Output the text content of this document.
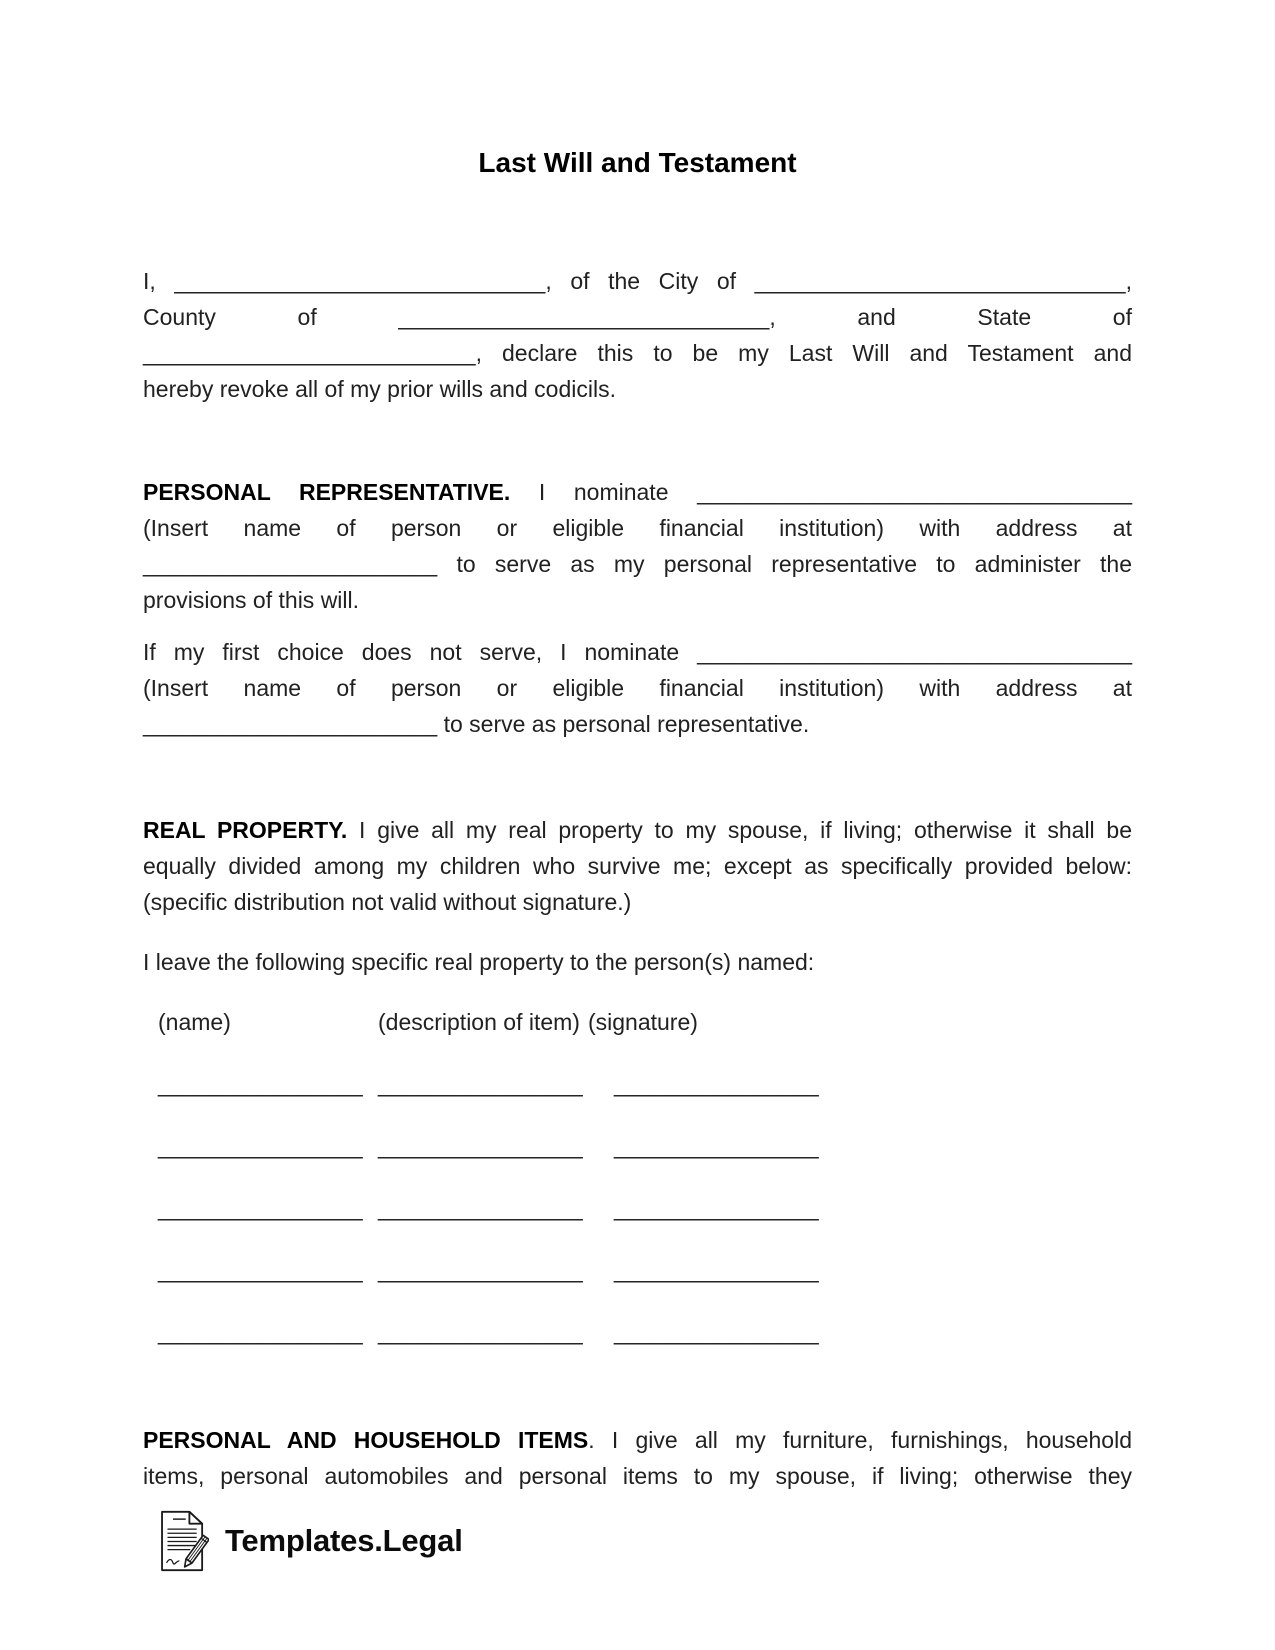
Last Will and Testament
I, _____________________________, of the City of _____________________________,
County of _____________________________, and State of
__________________________, declare this to be my Last Will and Testament and
hereby revoke all of my prior wills and codicils.
PERSONAL REPRESENTATIVE. I nominate __________________________________
(Insert name of person or eligible financial institution) with address at
_______________________ to serve as my personal representative to administer the
provisions of this will.
If my first choice does not serve, I nominate __________________________________
(Insert name of person or eligible financial institution) with address at
_______________________ to serve as personal representative.
REAL PROPERTY. I give all my real property to my spouse, if living; otherwise it shall be
equally divided among my children who survive me; except as specifically provided below:
(specific distribution not valid without signature.)
I leave the following specific real property to the person(s) named:
(name)	(description of item) (signature)
________________ ________________	________________
________________ ________________	________________
________________ ________________	________________
________________ ________________	________________
________________ ________________	________________
PERSONAL AND HOUSEHOLD ITEMS. I give all my furniture, furnishings, household
items, personal automobiles and personal items to my spouse, if living; otherwise they
Templates.Legal
